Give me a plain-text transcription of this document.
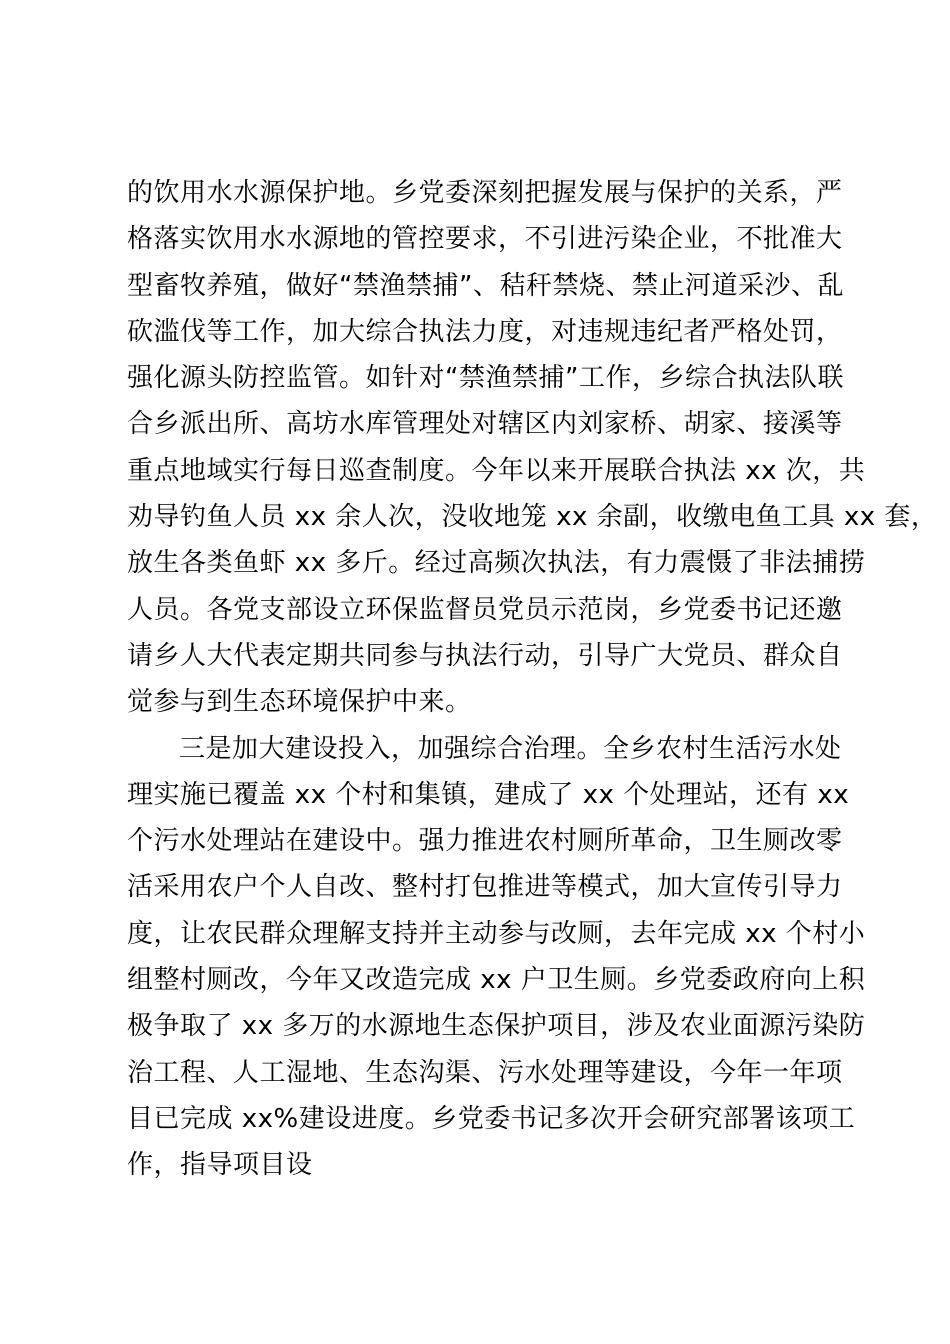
的饮用水水源保护地。乡党委深刻把握发展与保护的关系，严
格落实饮用水水源地的管控要求，不引进污染企业，不批准大
型畜牧养殖，做好“禁渔禁捕”、秸秆禁烧、禁止河道采沙、乱
砍滥伐等工作，加大综合执法力度，对违规违纪者严格处罚，
强化源头防控监管。如针对“禁渔禁捕”工作，乡综合执法队联
合乡派出所、高坊水库管理处对辖区内刘家桥、胡家、接溪等
重点地域实行每日巡查制度。今年以来开展联合执法 xx 次，共
劝导钓鱼人员 xx 余人次，没收地笼 xx 余副，收缴电鱼工具 xx 套，
放生各类鱼虾 xx 多斤。经过高频次执法，有力震慑了非法捕捞
人员。各党支部设立环保监督员党员示范岗，乡党委书记还邀
请乡人大代表定期共同参与执法行动，引导广大党员、群众自
觉参与到生态环境保护中来。
三是加大建设投入，加强综合治理。全乡农村生活污水处
理实施已覆盖 xx 个村和集镇，建成了 xx 个处理站，还有 xx
个污水处理站在建设中。强力推进农村厕所革命，卫生厕改零
活采用农户个人自改、整村打包推进等模式，加大宣传引导力
度，让农民群众理解支持并主动参与改厕，去年完成 xx 个村小
组整村厕改，今年又改造完成 xx 户卫生厕。乡党委政府向上积
极争取了 xx 多万的水源地生态保护项目，涉及农业面源污染防
治工程、人工湿地、生态沟渠、污水处理等建设，今年一年项
目已完成 xx%建设进度。乡党委书记多次开会研究部署该项工
作，指导项目设
